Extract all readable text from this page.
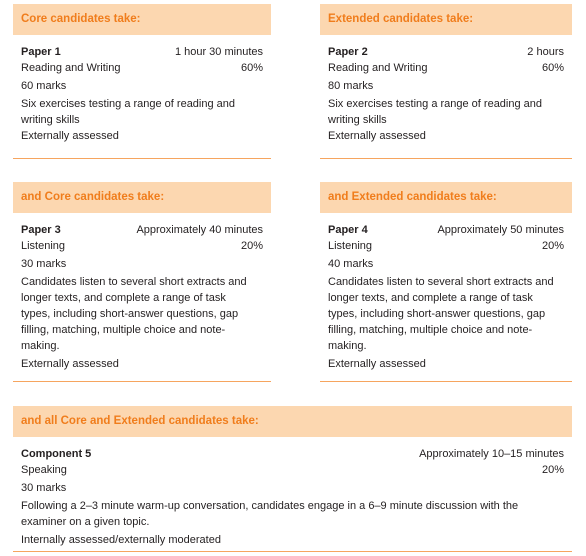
Core candidates take:
Paper 1	1 hour 30 minutes
Reading and Writing	60%
60 marks
Six exercises testing a range of reading and
writing skills
Externally assessed
Extended candidates take:
Paper 2	2 hours
Reading and Writing	60%
80 marks
Six exercises testing a range of reading and
writing skills
Externally assessed
and Core candidates take:
Paper 3	Approximately 40 minutes
Listening	20%
30 marks
Candidates listen to several short extracts and
longer texts, and complete a range of task
types, including short-answer questions, gap
filling, matching, multiple choice and note-
making.
Externally assessed
and Extended candidates take:
Paper 4	Approximately 50 minutes
Listening	20%
40 marks
Candidates listen to several short extracts and
longer texts, and complete a range of task
types, including short-answer questions, gap
filling, matching, multiple choice and note-
making.
Externally assessed
and all Core and Extended candidates take:
Component 5	Approximately 10–15 minutes
Speaking	20%
30 marks
Following a 2–3 minute warm-up conversation, candidates engage in a 6–9 minute discussion with the
examiner on a given topic.
Internally assessed/externally moderated
